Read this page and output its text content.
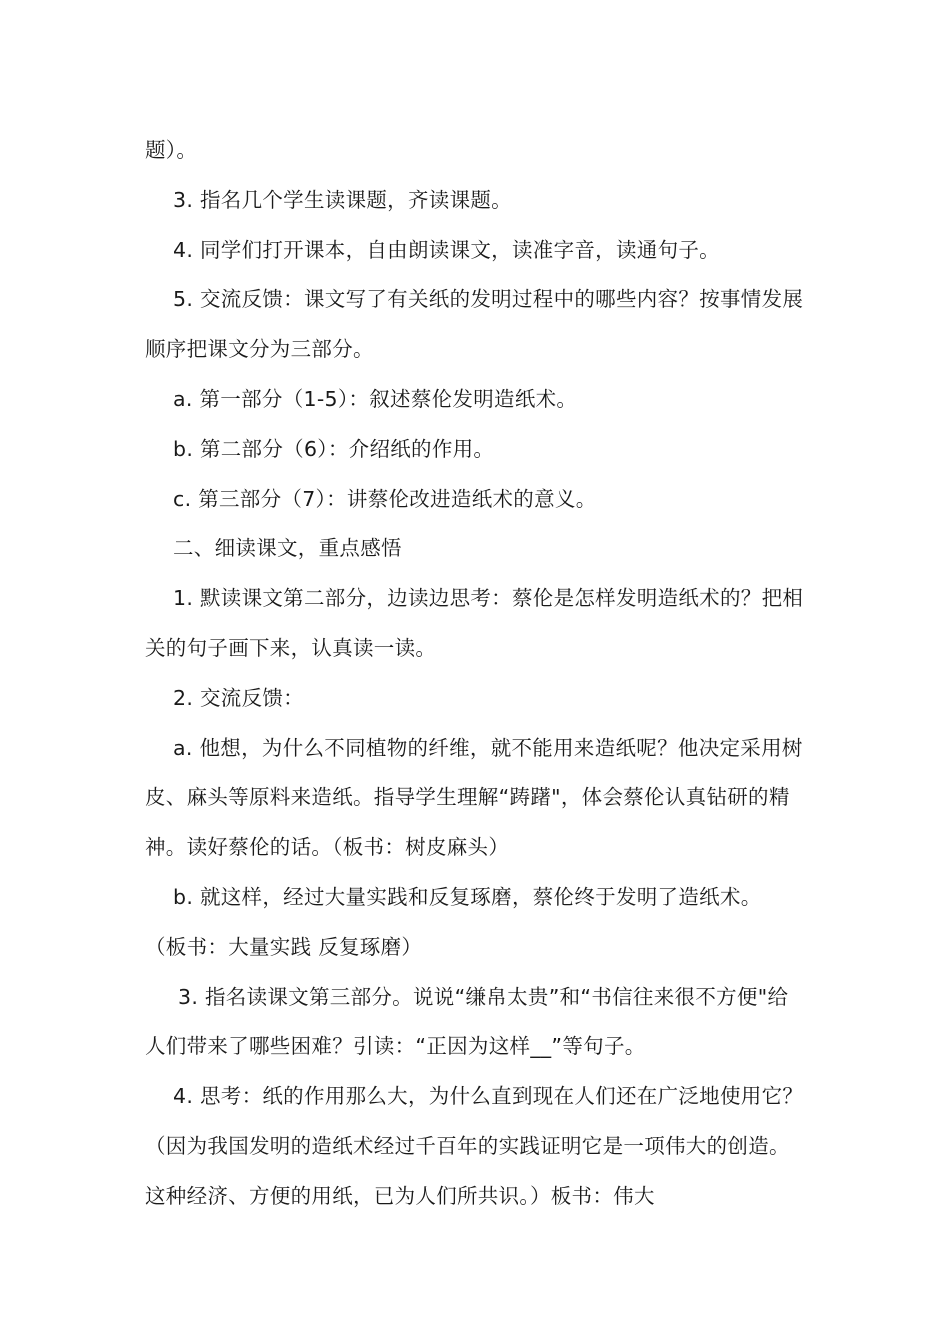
题）。

3. 指名几个学生读课题，齐读课题。

4. 同学们打开课本，自由朗读课文，读准字音，读通句子。

5. 交流反馈：课文写了有关纸的发明过程中的哪些内容？按事情发展顺序把课文分为三部分。

a. 第一部分（1-5）：叙述蔡伦发明造纸术。

b. 第二部分（6）：介绍纸的作用。

c. 第三部分（7）：讲蔡伦改进造纸术的意义。

二、细读课文，重点感悟

1. 默读课文第二部分，边读边思考：蔡伦是怎样发明造纸术的？把相关的句子画下来，认真读一读。

2. 交流反馈：

a. 他想，为什么不同植物的纤维，就不能用来造纸呢？他决定采用树皮、麻头等原料来造纸。指导学生理解“踌躇"，体会蔡伦认真钻研的精神。读好蔡伦的话。（板书：树皮麻头）

b. 就这样，经过大量实践和反复琢磨，蔡伦终于发明了造纸术。

（板书：大量实践 反复琢磨）

3. 指名读课文第三部分。说说“缣帛太贵”和“书信往来很不方便"给人们带来了哪些困难？引读：“正因为这样__”等句子。

4. 思考：纸的作用那么大，为什么直到现在人们还在广泛地使用它？（因为我国发明的造纸术经过千百年的实践证明它是一项伟大的创造。这种经济、方便的用纸，已为人们所共识。）板书：伟大
